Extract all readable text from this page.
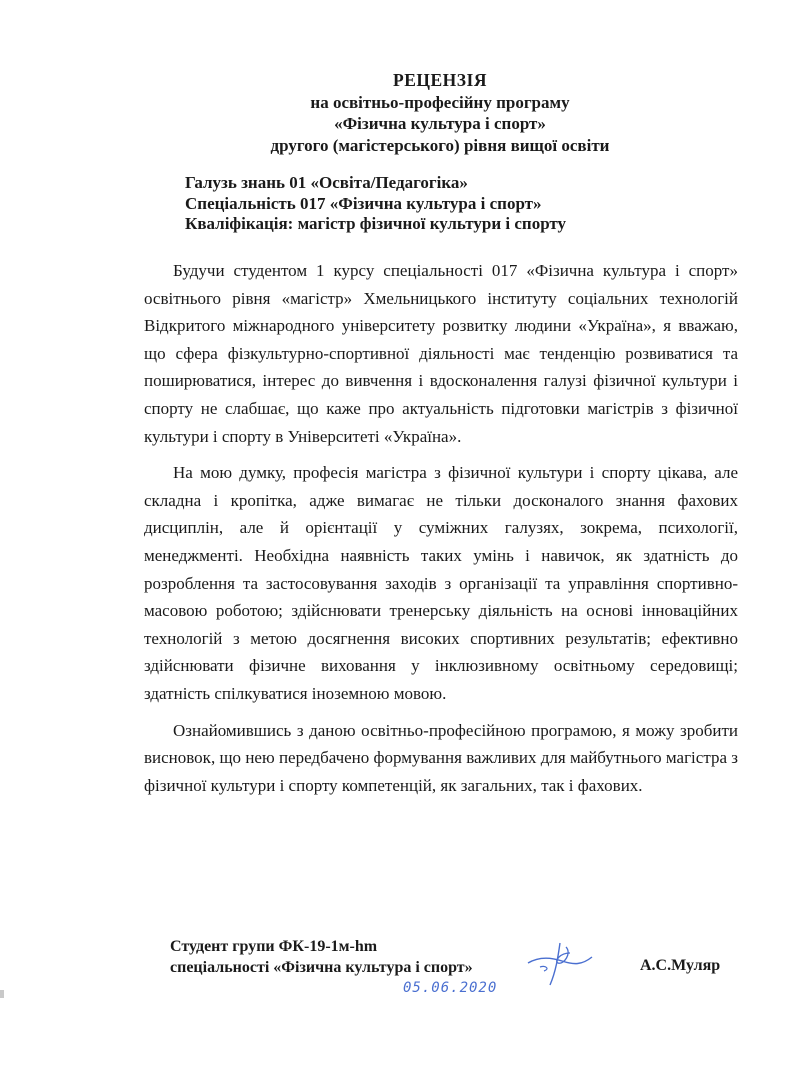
РЕЦЕНЗІЯ
на освітньо-професійну програму
«Фізична культура і спорт»
другого (магістерського) рівня вищої освіти
Галузь знань 01 «Освіта/Педагогіка»
Спеціальність 017 «Фізична культура і спорт»
Кваліфікація: магістр фізичної культури і спорту

Будучи студентом 1 курсу спеціальності 017 «Фізична культура і спорт» освітнього рівня «магістр» Хмельницького інституту соціальних технологій Відкритого міжнародного університету розвитку людини «Україна», я вважаю, що сфера фізкультурно-спортивної діяльності має тенденцію розвиватися та поширюватися, інтерес до вивчення і вдосконалення галузі фізичної культури і спорту не слабшає, що каже про актуальність підготовки магістрів з фізичної культури і спорту в Університеті «Україна».

На мою думку, професія магістра з фізичної культури і спорту цікава, але складна і кропітка, адже вимагає не тільки досконалого знання фахових дисциплін, але й орієнтації у суміжних галузях, зокрема, психології, менеджменті. Необхідна наявність таких умінь і навичок, як здатність до розроблення та застосовування заходів з організації та управління спортивно-масовою роботою; здійснювати тренерську діяльність на основі інноваційних технологій з метою досягнення високих спортивних результатів; ефективно здійснювати фізичне виховання у інклюзивному освітньому середовищі; здатність спілкуватися іноземною мовою.

Ознайомившись з даною освітньо-професійною програмою, я можу зробити висновок, що нею передбачено формування важливих для майбутнього магістра з фізичної культури і спорту компетенцій, як загальних, так і фахових.

Студент групи ФК-19-1м-hm
спеціальності «Фізична культура і спорт»	А.С.Муляр
05.06.2020
